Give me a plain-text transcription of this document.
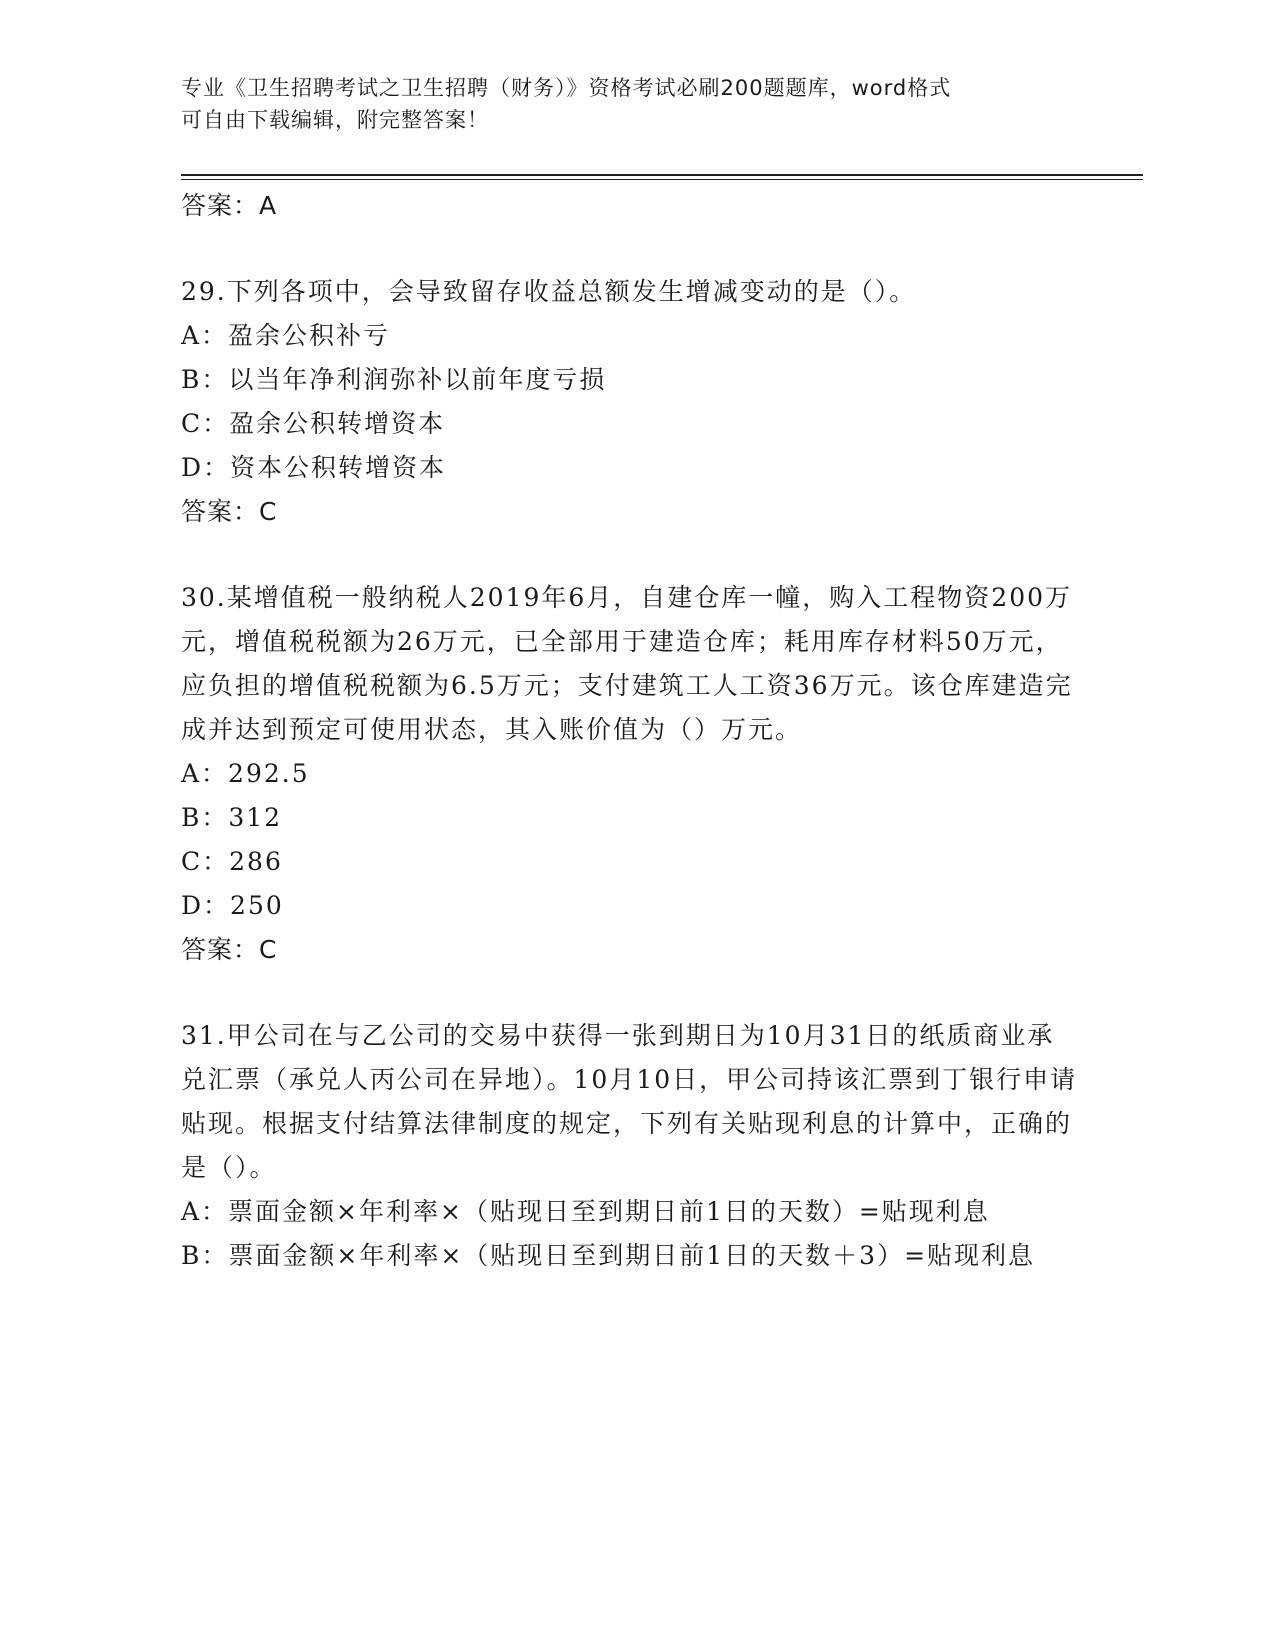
专业《卫生招聘考试之卫生招聘（财务）》资格考试必刷200题题库，word格式
可自由下载编辑，附完整答案！
答案：A

29.下列各项中，会导致留存收益总额发生增减变动的是（）。

A：盈余公积补亏

B：以当年净利润弥补以前年度亏损

C：盈余公积转增资本

D：资本公积转增资本

答案：C

30.某增值税一般纳税人2019年6月，自建仓库一幢，购入工程物资200万元，增值税税额为26万元，已全部用于建造仓库；耗用库存材料50万元，应负担的增值税税额为6.5万元；支付建筑工人工资36万元。该仓库建造完成并达到预定可使用状态，其入账价值为（）万元。

A：292.5

B：312

C：286

D：250

答案：C

31.甲公司在与乙公司的交易中获得一张到期日为10月31日的纸质商业承兑汇票（承兑人丙公司在异地）。10月10日，甲公司持该汇票到丁银行申请贴现。根据支付结算法律制度的规定，下列有关贴现利息的计算中，正确的是（）。

A：票面金额×年利率×（贴现日至到期日前1日的天数）=贴现利息

B：票面金额×年利率×（贴现日至到期日前1日的天数＋3）=贴现利息
